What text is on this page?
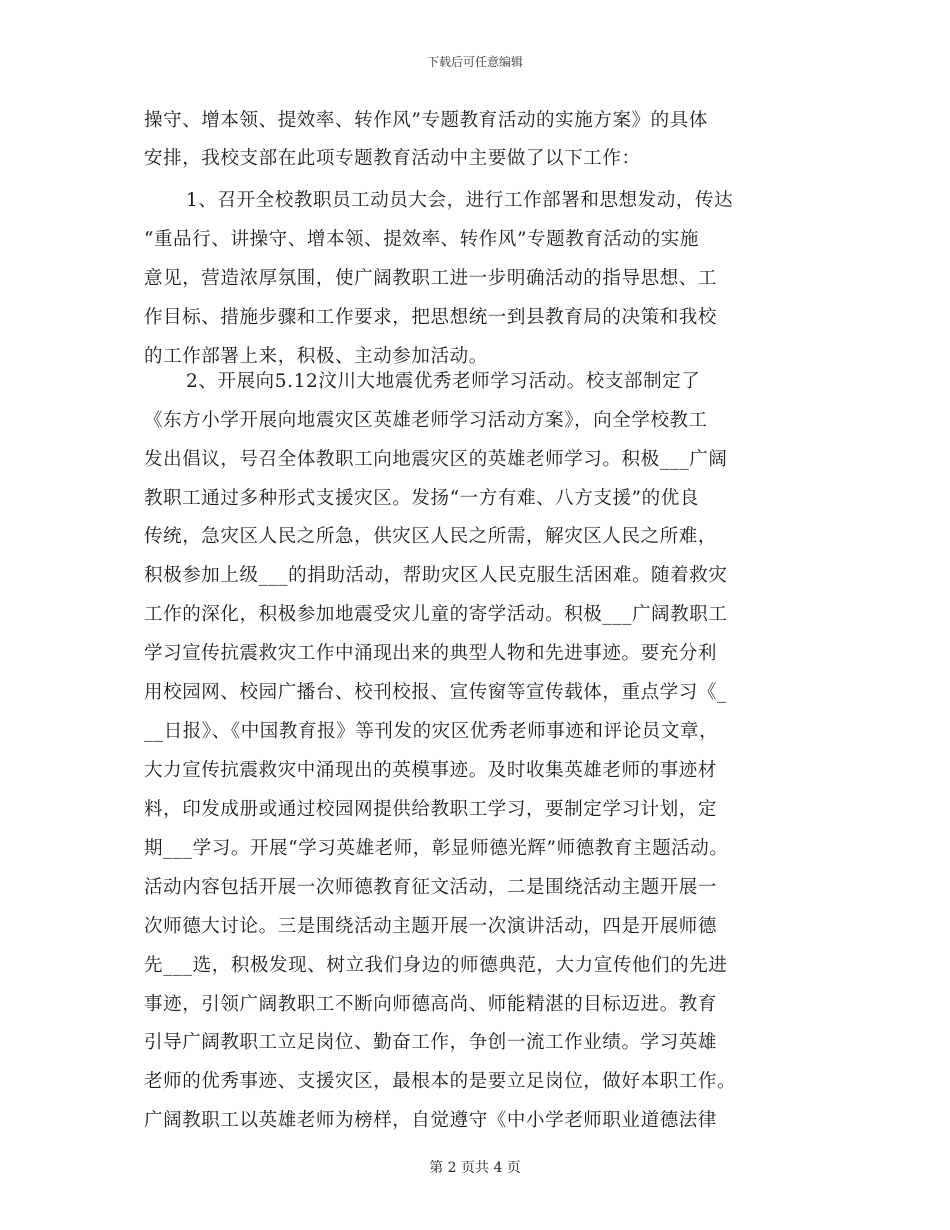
下载后可任意编辑
操守、增本领、提效率、转作风”专题教育活动的实施方案》的具体
安排，我校支部在此项专题教育活动中主要做了以下工作：
1、召开全校教职员工动员大会，进行工作部署和思想发动，传达
“重品行、讲操守、增本领、提效率、转作风”专题教育活动的实施
意见，营造浓厚氛围，使广阔教职工进一步明确活动的指导思想、工
作目标、措施步骤和工作要求，把思想统一到县教育局的决策和我校
的工作部署上来，积极、主动参加活动。
2、开展向5.12汶川大地震优秀老师学习活动。校支部制定了
《东方小学开展向地震灾区英雄老师学习活动方案》，向全学校教工
发出倡议，号召全体教职工向地震灾区的英雄老师学习。积极___广阔
教职工通过多种形式支援灾区。发扬“一方有难、八方支援”的优良
传统，急灾区人民之所急，供灾区人民之所需，解灾区人民之所难，
积极参加上级___的捐助活动，帮助灾区人民克服生活困难。随着救灾
工作的深化，积极参加地震受灾儿童的寄学活动。积极___广阔教职工
学习宣传抗震救灾工作中涌现出来的典型人物和先进事迹。要充分利
用校园网、校园广播台、校刊校报、宣传窗等宣传载体，重点学习《_
__日报》、《中国教育报》等刊发的灾区优秀老师事迹和评论员文章，
大力宣传抗震救灾中涌现出的英模事迹。及时收集英雄老师的事迹材
料，印发成册或通过校园网提供给教职工学习，要制定学习计划，定
期___学习。开展“学习英雄老师，彰显师德光辉”师德教育主题活动。
活动内容包括开展一次师德教育征文活动，二是围绕活动主题开展一
次师德大讨论。三是围绕活动主题开展一次演讲活动，四是开展师德
先___选，积极发现、树立我们身边的师德典范，大力宣传他们的先进
事迹，引领广阔教职工不断向师德高尚、师能精湛的目标迈进。教育
引导广阔教职工立足岗位、勤奋工作，争创一流工作业绩。学习英雄
老师的优秀事迹、支援灾区，最根本的是要立足岗位，做好本职工作。
广阔教职工以英雄老师为榜样，自觉遵守《中小学老师职业道德法律
第 2 页共 4 页
